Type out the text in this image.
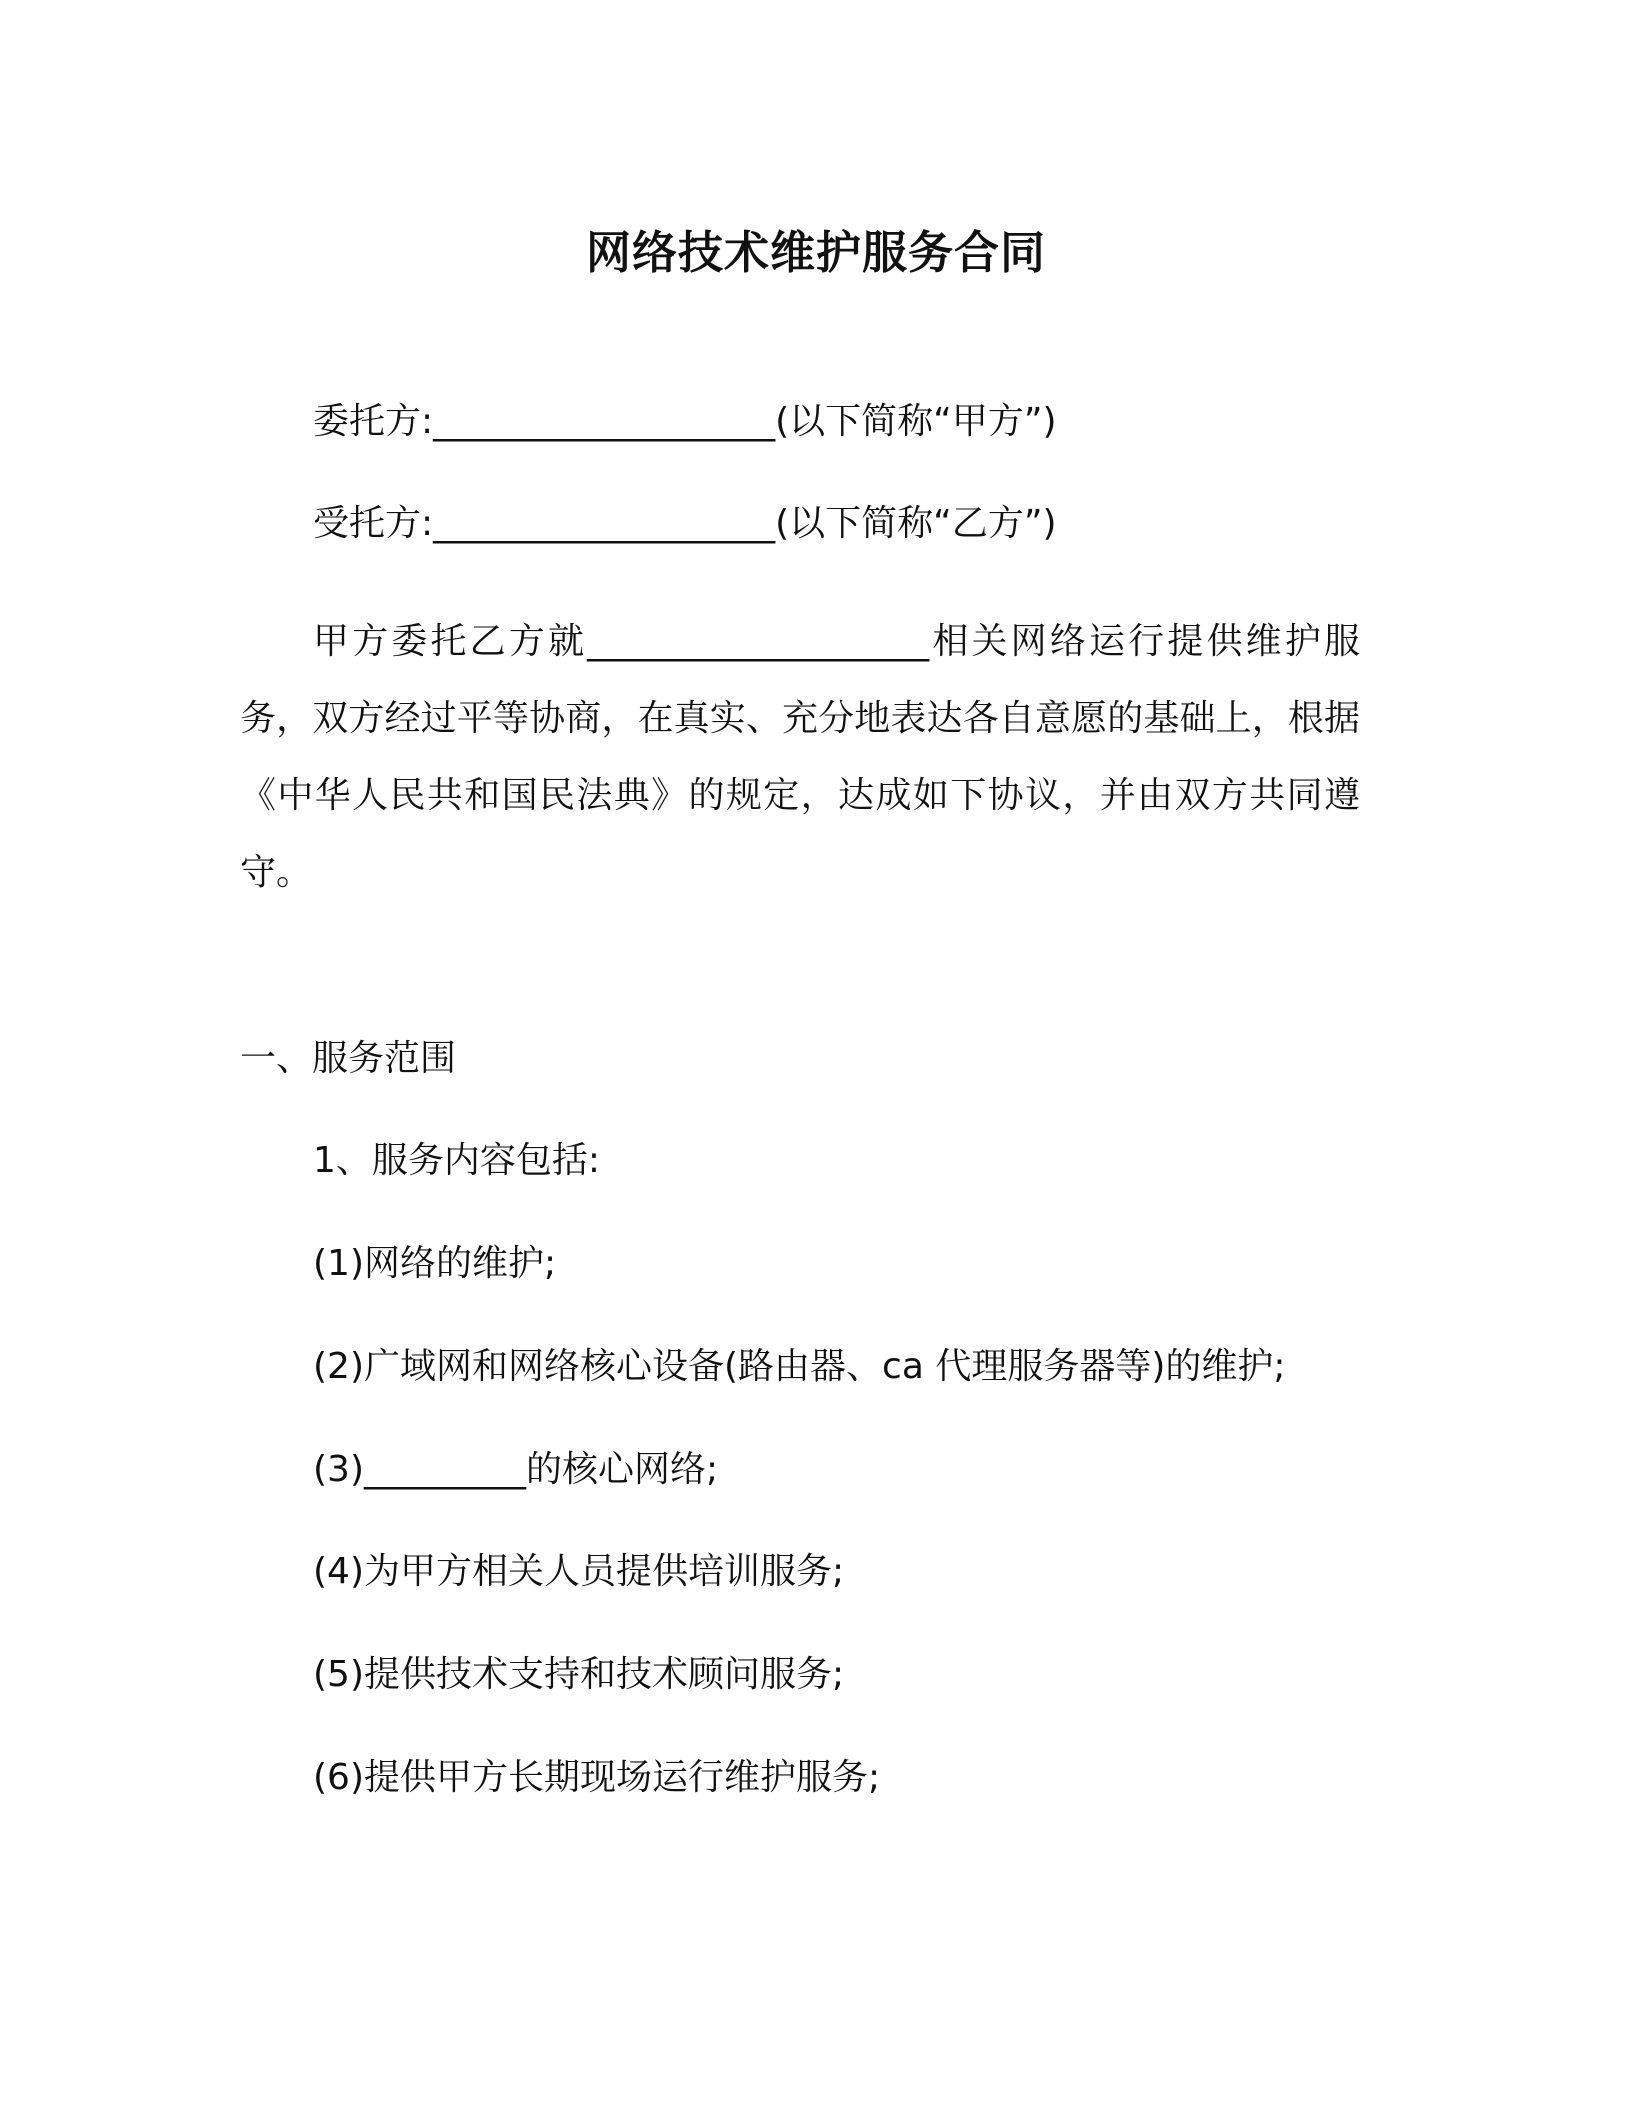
网络技术维护服务合同
委托方:___________________(以下简称“甲方”)
受托方:___________________(以下简称“乙方”)
甲方委托乙方就___________________相关网络运行提供维护服务，双方经过平等协商，在真实、充分地表达各自意愿的基础上，根据《中华人民共和国民法典》的规定，达成如下协议，并由双方共同遵守。
一、服务范围
1、服务内容包括:
(1)网络的维护;
(2)广域网和网络核心设备(路由器、ca 代理服务器等)的维护;
(3)_________的核心网络;
(4)为甲方相关人员提供培训服务;
(5)提供技术支持和技术顾问服务;
(6)提供甲方长期现场运行维护服务;
